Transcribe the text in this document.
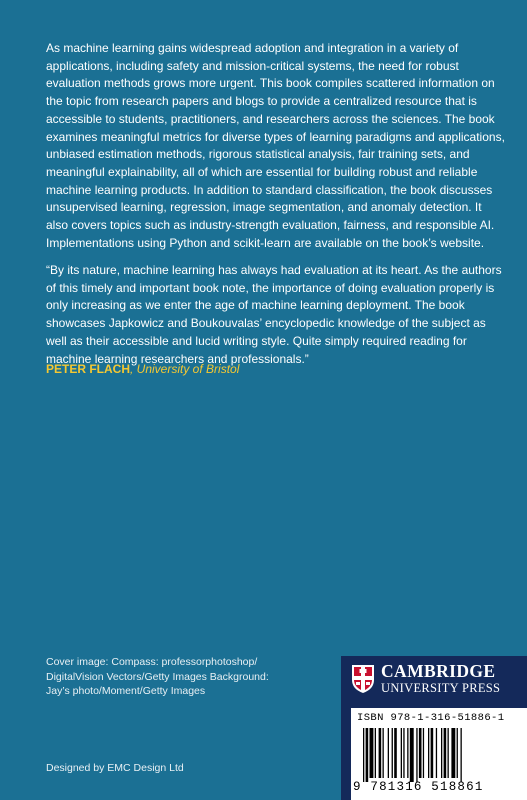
As machine learning gains widespread adoption and integration in a variety of applications, including safety and mission-critical systems, the need for robust evaluation methods grows more urgent. This book compiles scattered information on the topic from research papers and blogs to provide a centralized resource that is accessible to students, practitioners, and researchers across the sciences. The book examines meaningful metrics for diverse types of learning paradigms and applications, unbiased estimation methods, rigorous statistical analysis, fair training sets, and meaningful explainability, all of which are essential for building robust and reliable machine learning products. In addition to standard classification, the book discusses unsupervised learning, regression, image segmentation, and anomaly detection. It also covers topics such as industry-strength evaluation, fairness, and responsible AI. Implementations using Python and scikit-learn are available on the book’s website.

“By its nature, machine learning has always had evaluation at its heart. As the authors of this timely and important book note, the importance of doing evaluation properly is only increasing as we enter the age of machine learning deployment. The book showcases Japkowicz and Boukouvalas’ encyclopedic knowledge of the subject as well as their accessible and lucid writing style. Quite simply required reading for machine learning researchers and professionals.”

PETER FLACH, University of Bristol

Cover image: Compass: professorphotoshop/ DigitalVision Vectors/Getty Images Background: Jay’s photo/Moment/Getty Images

Designed by EMC Design Ltd

CAMBRIDGE
UNIVERSITY PRESS
ISBN 978-1-316-51886-1
9 781316 518861
